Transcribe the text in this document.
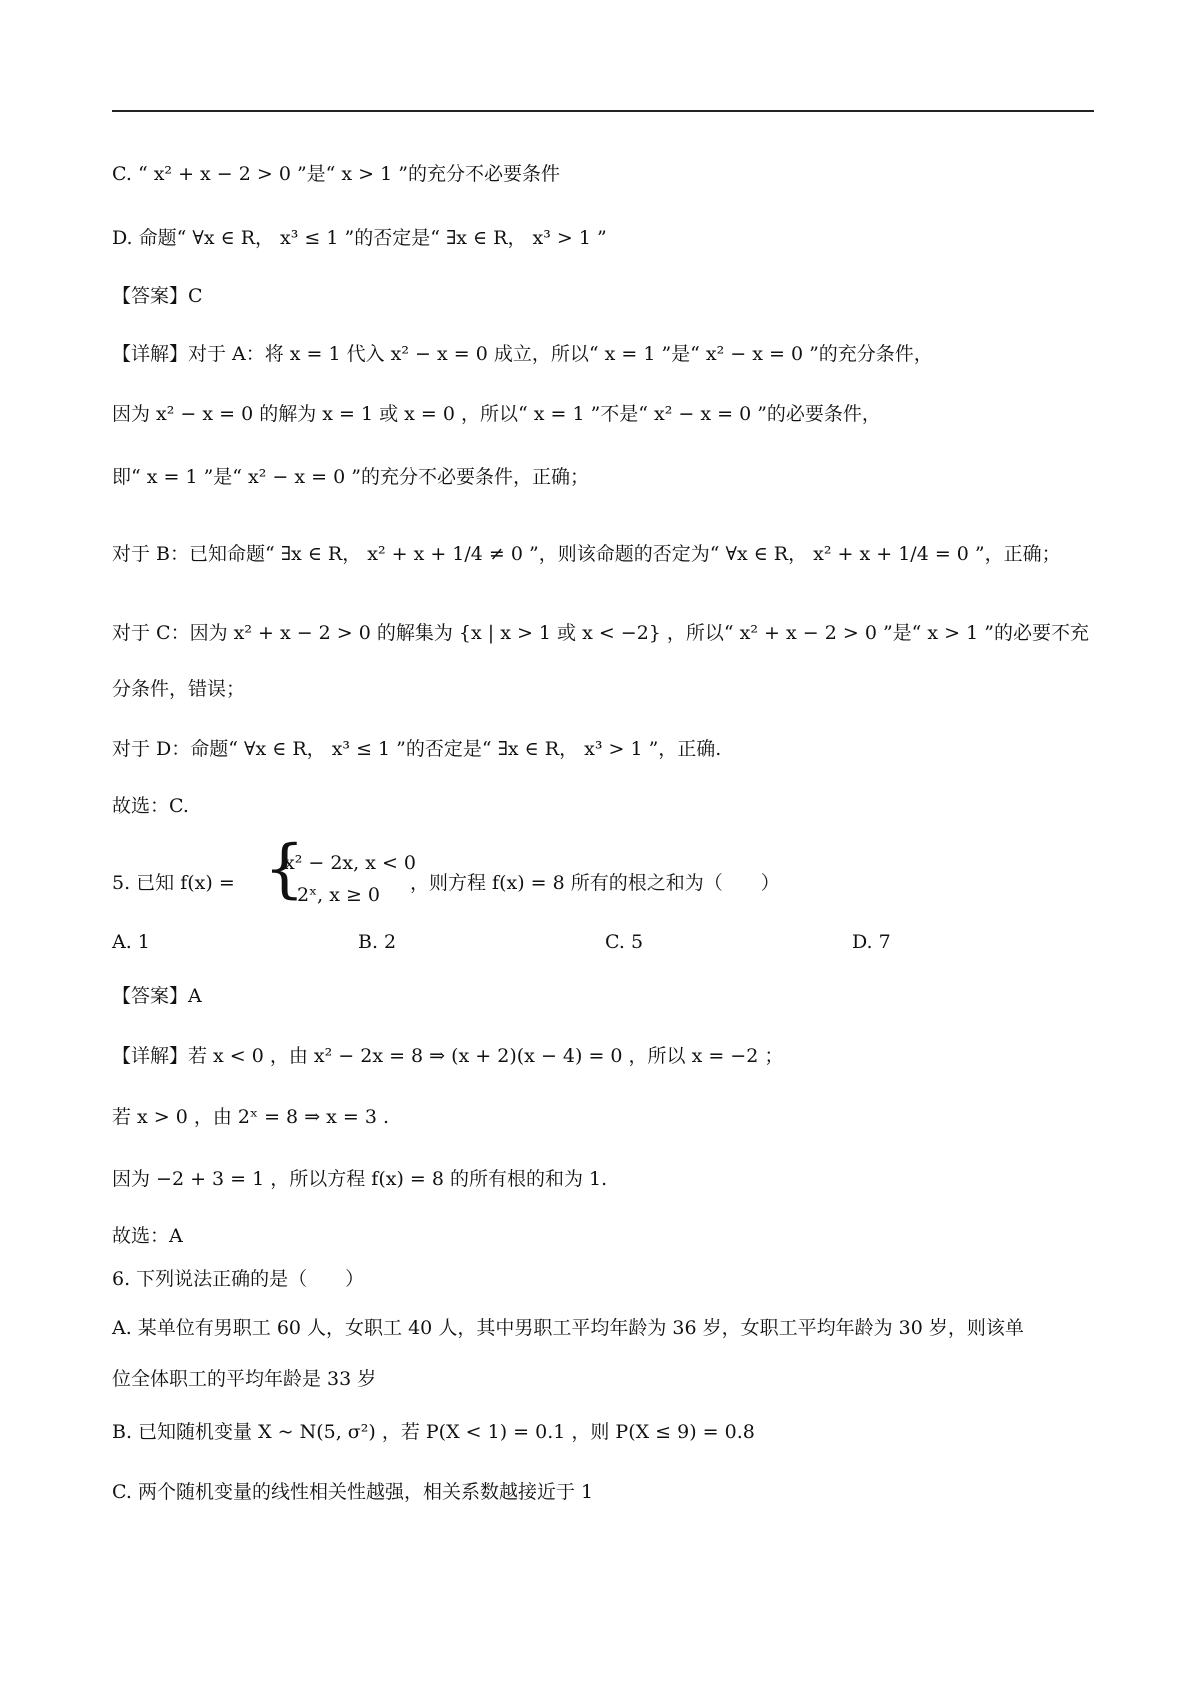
C. “ x² + x − 2 > 0 ”是“ x > 1 ”的充分不必要条件
D. 命题“ ∀x ∈ R， x³ ≤ 1 ”的否定是“ ∃x ∈ R， x³ > 1 ”
【答案】C
【详解】对于 A：将 x = 1 代入 x² − x = 0 成立，所以“ x = 1 ”是“ x² − x = 0 ”的充分条件，
因为 x² − x = 0 的解为 x = 1 或 x = 0 ，所以“ x = 1 ”不是“ x² − x = 0 ”的必要条件，
即“ x = 1 ”是“ x² − x = 0 ”的充分不必要条件，正确；
对于 B：已知命题“ ∃x ∈ R， x² + x + 1/4 ≠ 0 ”，则该命题的否定为“ ∀x ∈ R， x² + x + 1/4 = 0 ”，正确；
对于 C：因为 x² + x − 2 > 0 的解集为 {x | x > 1 或 x < −2} ，所以“ x² + x − 2 > 0 ”是“ x > 1 ”的必要不充
分条件，错误；
对于 D：命题“ ∀x ∈ R， x³ ≤ 1 ”的否定是“ ∃x ∈ R， x³ > 1 ”，正确.
故选：C.
5. 已知 f(x) = {
x² − 2x, x < 0
2ˣ, x ≥ 0
，则方程 f(x) = 8 所有的根之和为（　　）
A. 1	B. 2	C. 5	D. 7
【答案】A
【详解】若 x < 0 ，由 x² − 2x = 8 ⇒ (x + 2)(x − 4) = 0 ，所以 x = −2 ；
若 x > 0 ，由 2ˣ = 8 ⇒ x = 3 .
因为 −2 + 3 = 1 ，所以方程 f(x) = 8 的所有根的和为 1.
故选：A
6. 下列说法正确的是（　　）
A. 某单位有男职工 60 人，女职工 40 人，其中男职工平均年龄为 36 岁，女职工平均年龄为 30 岁，则该单
位全体职工的平均年龄是 33 岁
B. 已知随机变量 X ~ N(5, σ²) ，若 P(X < 1) = 0.1 ，则 P(X ≤ 9) = 0.8
C. 两个随机变量的线性相关性越强，相关系数越接近于 1
